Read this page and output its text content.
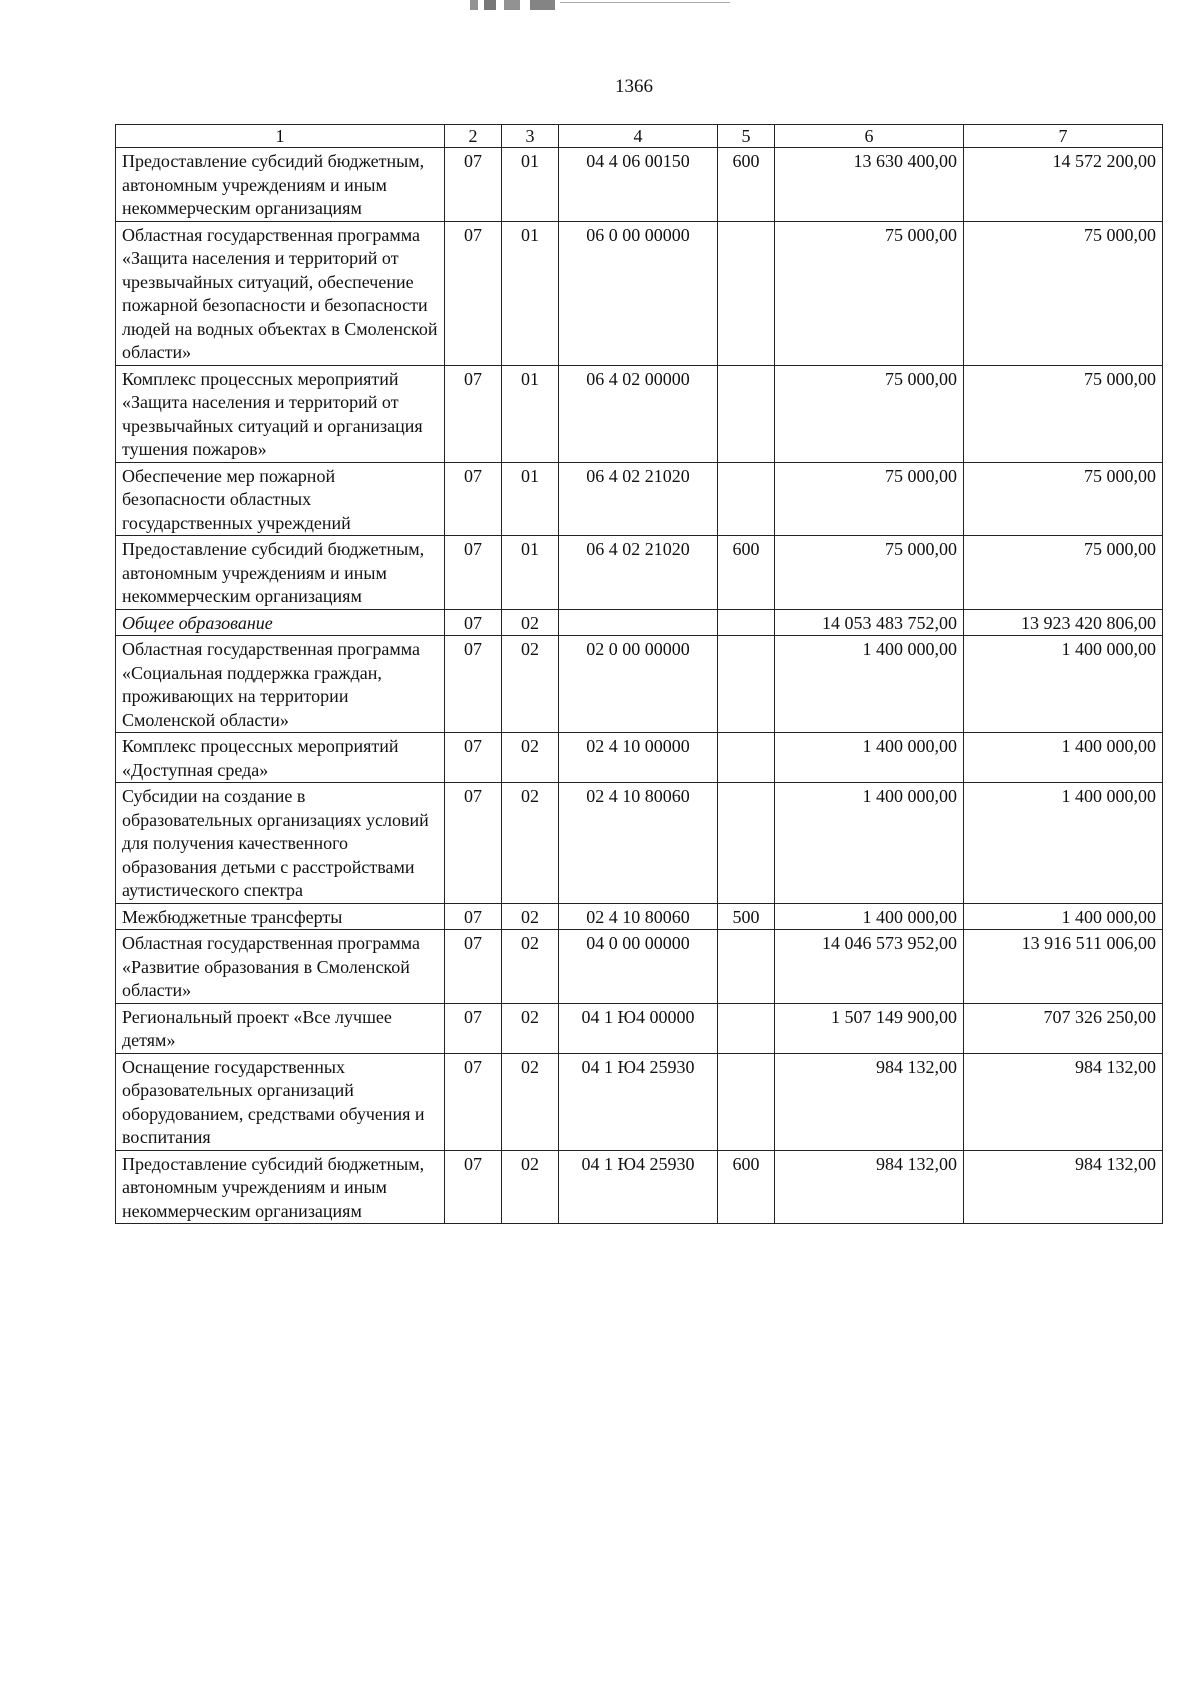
1366
1	2	3	4	5	6	7
Предоставление субсидий бюджетным, автономным учреждениям и иным некоммерческим организациям	07	01	04 4 06 00150	600	13 630 400,00	14 572 200,00
Областная государственная программа «Защита населения и территорий от чрезвычайных ситуаций, обеспечение пожарной безопасности и безопасности людей на водных объектах в Смоленской области»	07	01	06 0 00 00000		75 000,00	75 000,00
Комплекс процессных мероприятий «Защита населения и территорий от чрезвычайных ситуаций и организация тушения пожаров»	07	01	06 4 02 00000		75 000,00	75 000,00
Обеспечение мер пожарной безопасности областных государственных учреждений	07	01	06 4 02 21020		75 000,00	75 000,00
Предоставление субсидий бюджетным, автономным учреждениям и иным некоммерческим организациям	07	01	06 4 02 21020	600	75 000,00	75 000,00
Общее образование	07	02			14 053 483 752,00	13 923 420 806,00
Областная государственная программа «Социальная поддержка граждан, проживающих на территории Смоленской области»	07	02	02 0 00 00000		1 400 000,00	1 400 000,00
Комплекс процессных мероприятий «Доступная среда»	07	02	02 4 10 00000		1 400 000,00	1 400 000,00
Субсидии на создание в образовательных организациях условий для получения качественного образования детьми с расстройствами аутистического спектра	07	02	02 4 10 80060		1 400 000,00	1 400 000,00
Межбюджетные трансферты	07	02	02 4 10 80060	500	1 400 000,00	1 400 000,00
Областная государственная программа «Развитие образования в Смоленской области»	07	02	04 0 00 00000		14 046 573 952,00	13 916 511 006,00
Региональный проект «Все лучшее детям»	07	02	04 1 Ю4 00000		1 507 149 900,00	707 326 250,00
Оснащение государственных образовательных организаций оборудованием, средствами обучения и воспитания	07	02	04 1 Ю4 25930		984 132,00	984 132,00
Предоставление субсидий бюджетным, автономным учреждениям и иным некоммерческим организациям	07	02	04 1 Ю4 25930	600	984 132,00	984 132,00
